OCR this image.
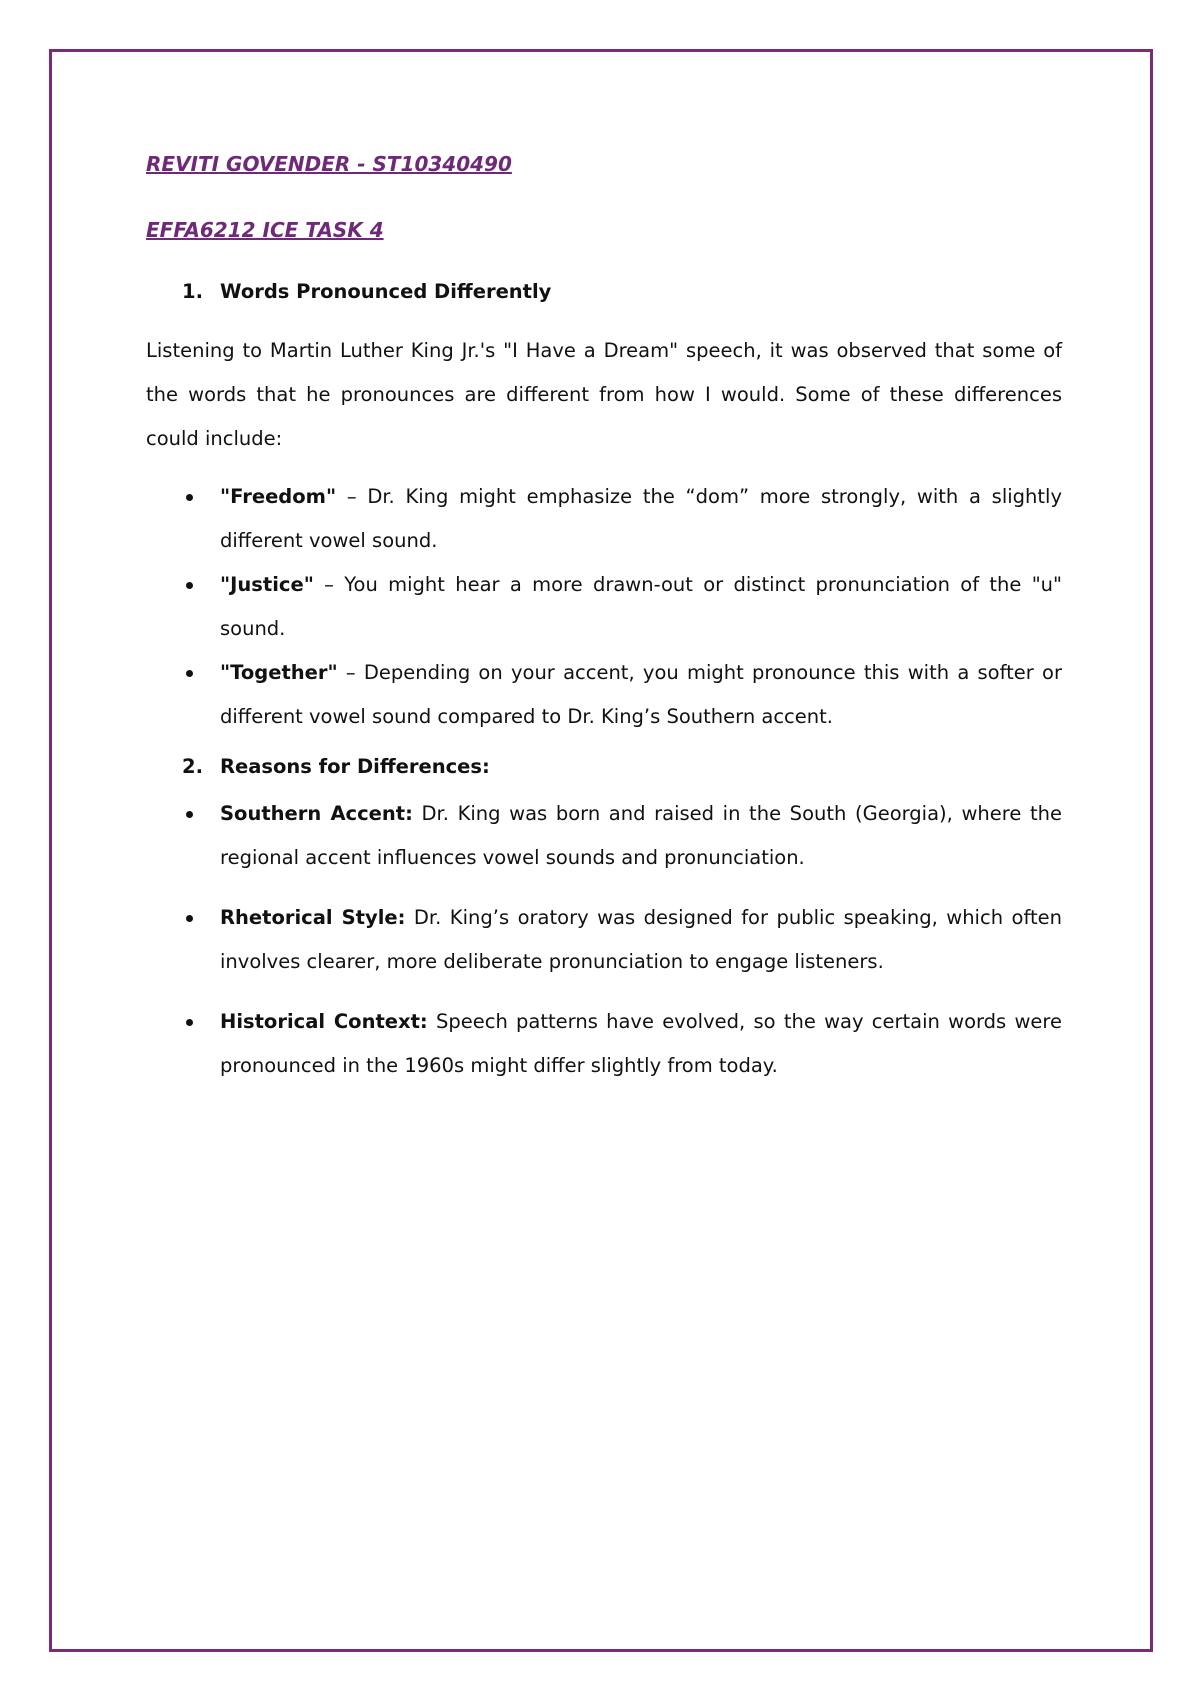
REVITI GOVENDER - ST10340490

EFFA6212 ICE TASK 4

1. Words Pronounced Differently

Listening to Martin Luther King Jr.'s "I Have a Dream" speech, it was observed that some of the words that he pronounces are different from how I would. Some of these differences could include:

"Freedom" – Dr. King might emphasize the “dom” more strongly, with a slightly different vowel sound.
"Justice" – You might hear a more drawn-out or distinct pronunciation of the "u" sound.
"Together" – Depending on your accent, you might pronounce this with a softer or different vowel sound compared to Dr. King’s Southern accent.
2. Reasons for Differences:
Southern Accent: Dr. King was born and raised in the South (Georgia), where the regional accent influences vowel sounds and pronunciation.
Rhetorical Style: Dr. King’s oratory was designed for public speaking, which often involves clearer, more deliberate pronunciation to engage listeners.
Historical Context: Speech patterns have evolved, so the way certain words were pronounced in the 1960s might differ slightly from today.
